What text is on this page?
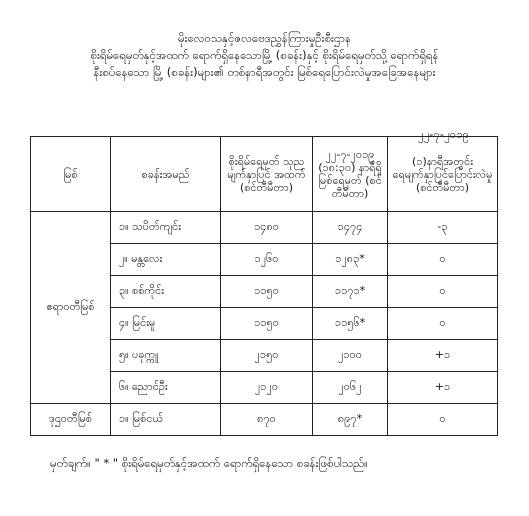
မိုးလေဝသနှင့်ဇလဗေဒညွှန်ကြားမှုဦးစီးဌာန
စိုးရိမ်ရေမှတ်နှင့်အထက် ရောက်ရှိနေသောမြို့ (စခန်း)နှင့် စိုးရိမ်ရေမှတ်သို့ ရောက်ရှိရန်
နီးစပ်နေသော မြို့ (စခန်း)များ၏ တစ်နာရီအတွင်း မြစ်ရေပြောင်းလဲမှုအခြေအနေများ
၂၂-၇-၂၀၁၉
မြစ်	စခန်းအမည်	စိုးရိမ်ရေမှတ် သုညမျက်နှာပြင် အထက် (စင်တီမီတာ)	၂၂-၇-၂၀၁၉ (၁၈:၃၀) နာရီရှိ မြစ်ရေမှတ် (စင်တီမီတာ)	(၁)နာရီအတွင်း ရေမျက်နှာပြင်ပြောင်းလဲမှု (စင်တီမီတာ)
ဧရာဝတီမြစ်	၁။ သပိတ်ကျင်း	၁၄၈၀	၁၄၇၄	-၃
	၂။ မန္တလေး	၁၂၆၀	၁၂၈၃*	၀
	၃။ စစ်ကိုင်း	၁၁၅၀	၁၁၇၁*	၀
	၄။ မြင်းမူ	၁၁၅၀	၁၁၅၆*	၀
	၅။ ပခုက္ကူ	၂၁၅၀	၂၁၀၀	+၁
	၆။ ညောင်ဦး	၂၁၂၀	၂၀၆၂	+၁
ဒုဌဝတီမြစ်	၁။ မြစ်ငယ်	၈၇၀	၈၉၇*	၀
မှတ်ချက်။ " * " စိုးရိမ်ရေမှတ်နှင့်အထက် ရောက်ရှိနေသော စခန်းဖြစ်ပါသည်။
